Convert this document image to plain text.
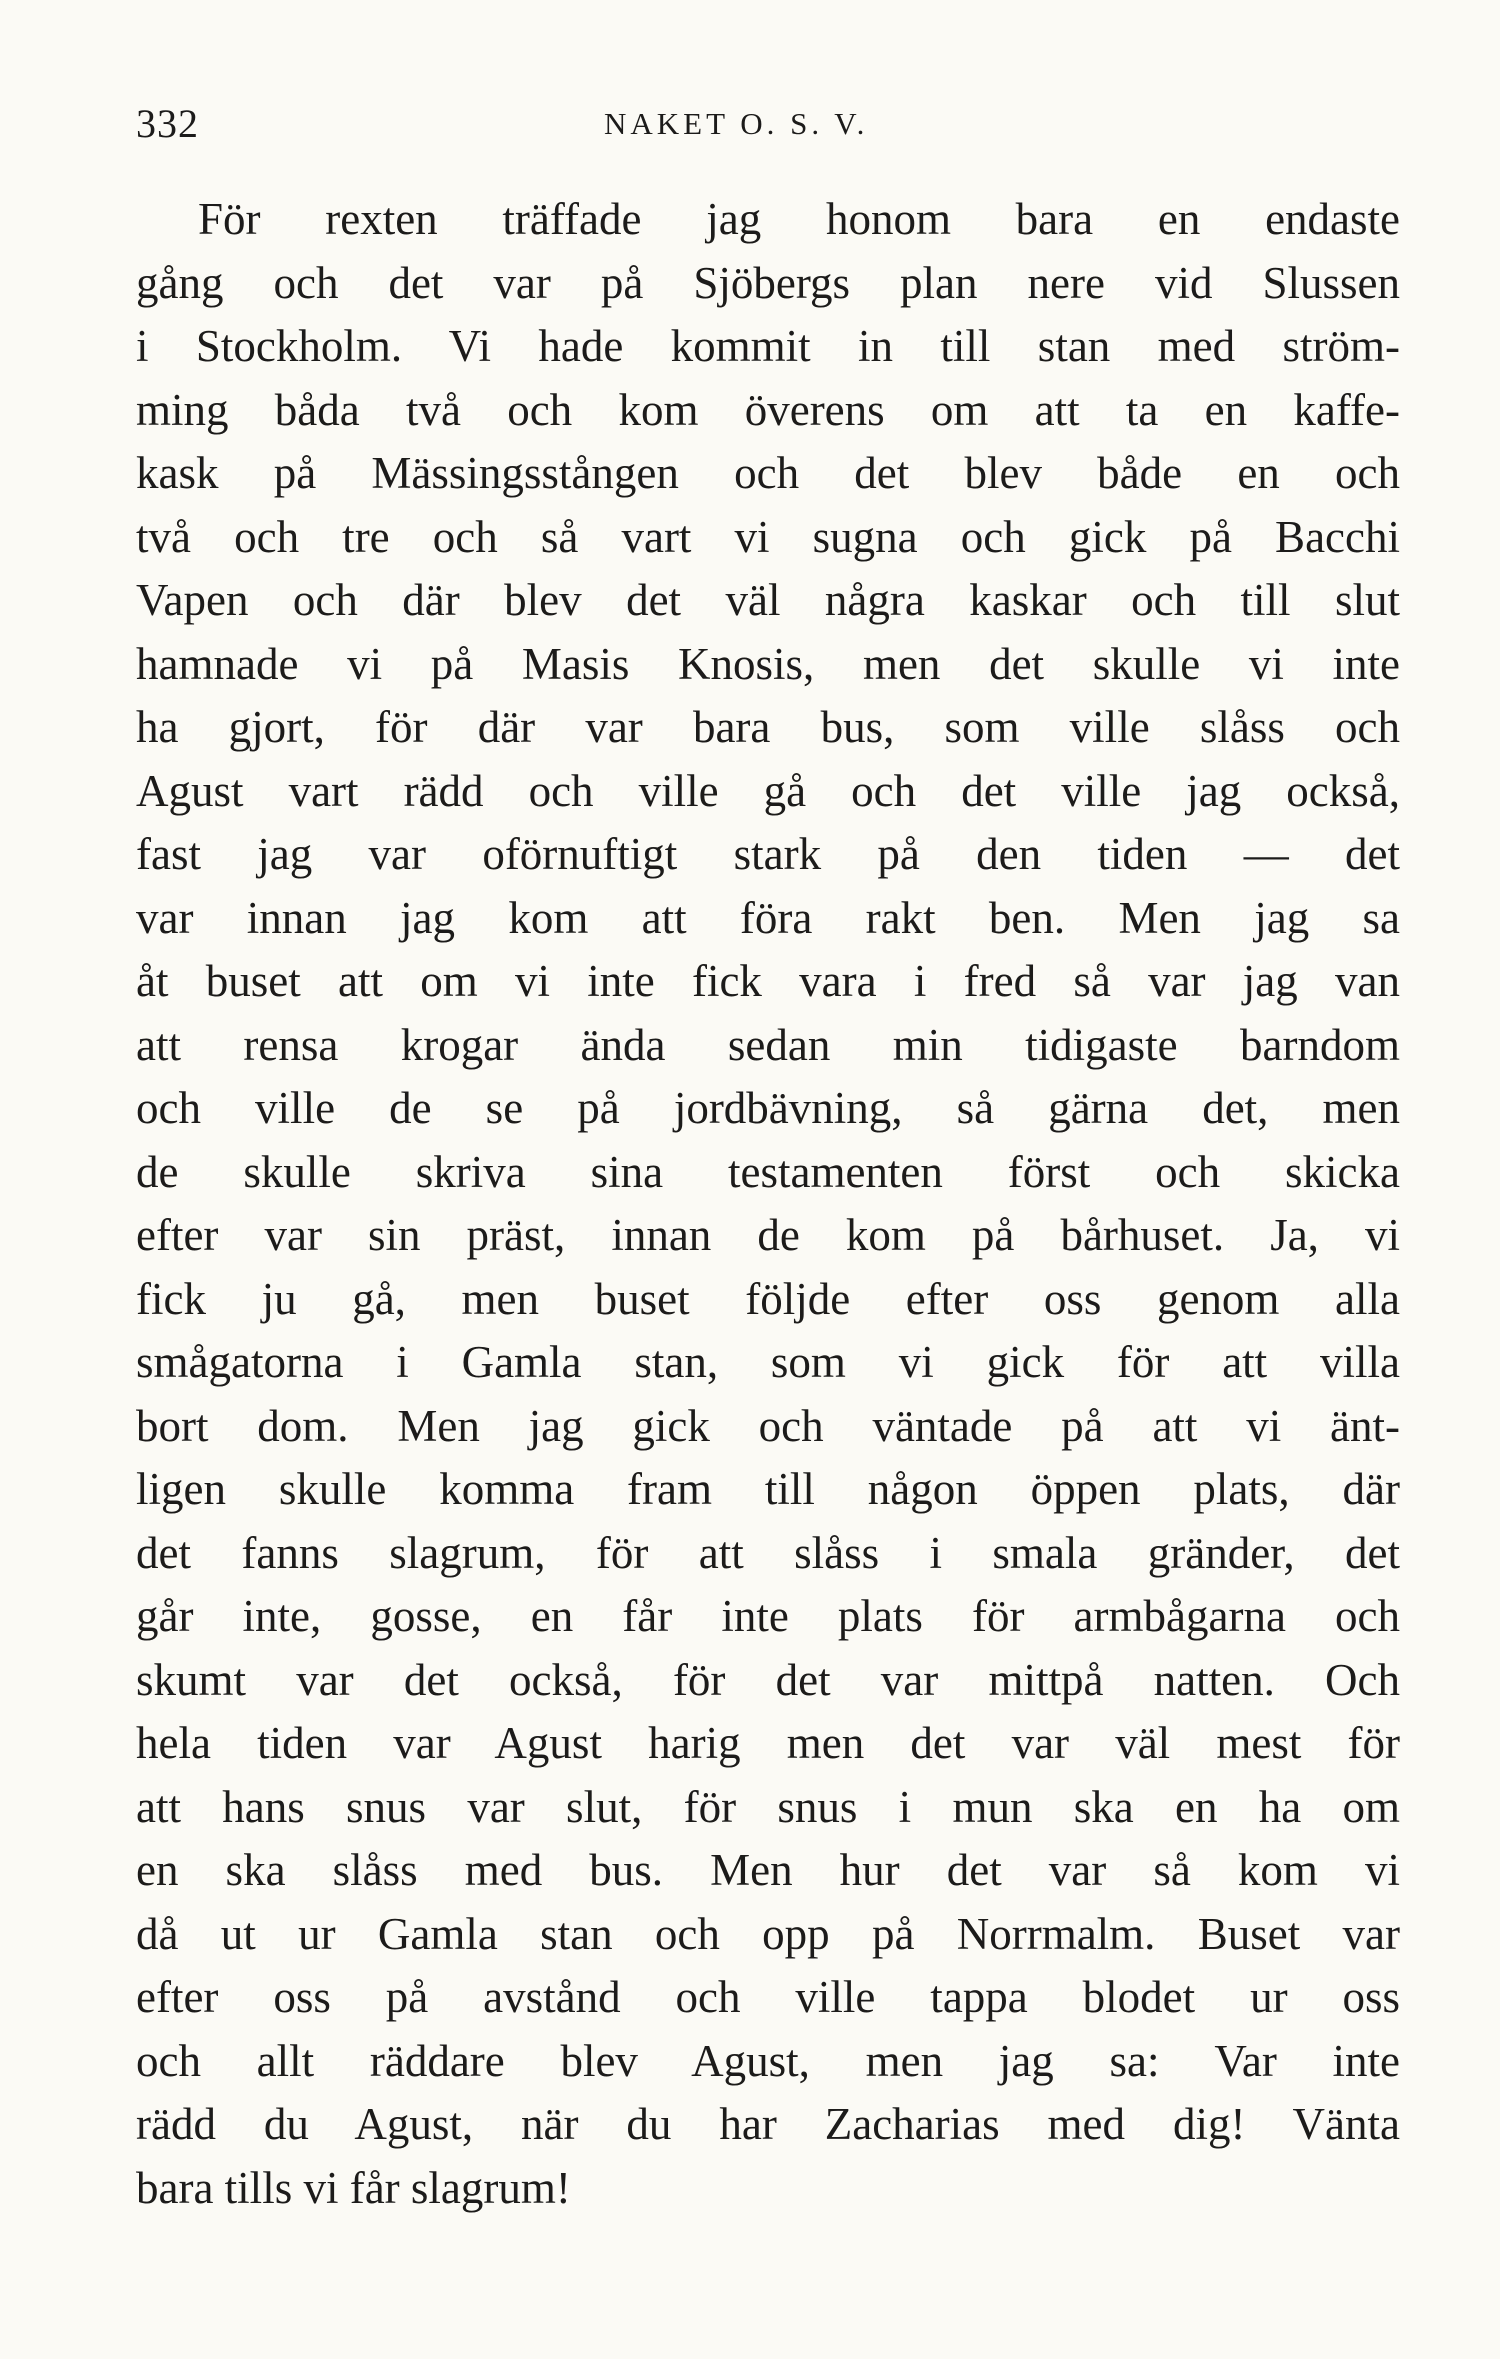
332	NAKET O. S. V.
För rexten träffade jag honom bara en endaste
gång och det var på Sjöbergs plan nere vid Slussen
i Stockholm. Vi hade kommit in till stan med ström-
ming båda två och kom överens om att ta en kaffe-
kask på Mässingsstången och det blev både en och
två och tre och så vart vi sugna och gick på Bacchi
Vapen och där blev det väl några kaskar och till slut
hamnade vi på Masis Knosis, men det skulle vi inte
ha gjort, för där var bara bus, som ville slåss och
Agust vart rädd och ville gå och det ville jag också,
fast jag var oförnuftigt stark på den tiden — det
var innan jag kom att föra rakt ben. Men jag sa
åt buset att om vi inte fick vara i fred så var jag van
att rensa krogar ända sedan min tidigaste barndom
och ville de se på jordbävning, så gärna det, men
de skulle skriva sina testamenten först och skicka
efter var sin präst, innan de kom på bårhuset. Ja, vi
fick ju gå, men buset följde efter oss genom alla
smågatorna i Gamla stan, som vi gick för att villa
bort dom. Men jag gick och väntade på att vi änt-
ligen skulle komma fram till någon öppen plats, där
det fanns slagrum, för att slåss i smala gränder, det
går inte, gosse, en får inte plats för armbågarna och
skumt var det också, för det var mittpå natten. Och
hela tiden var Agust harig men det var väl mest för
att hans snus var slut, för snus i mun ska en ha om
en ska slåss med bus. Men hur det var så kom vi
då ut ur Gamla stan och opp på Norrmalm. Buset var
efter oss på avstånd och ville tappa blodet ur oss
och allt räddare blev Agust, men jag sa: Var inte
rädd du Agust, när du har Zacharias med dig! Vänta
bara tills vi får slagrum!
